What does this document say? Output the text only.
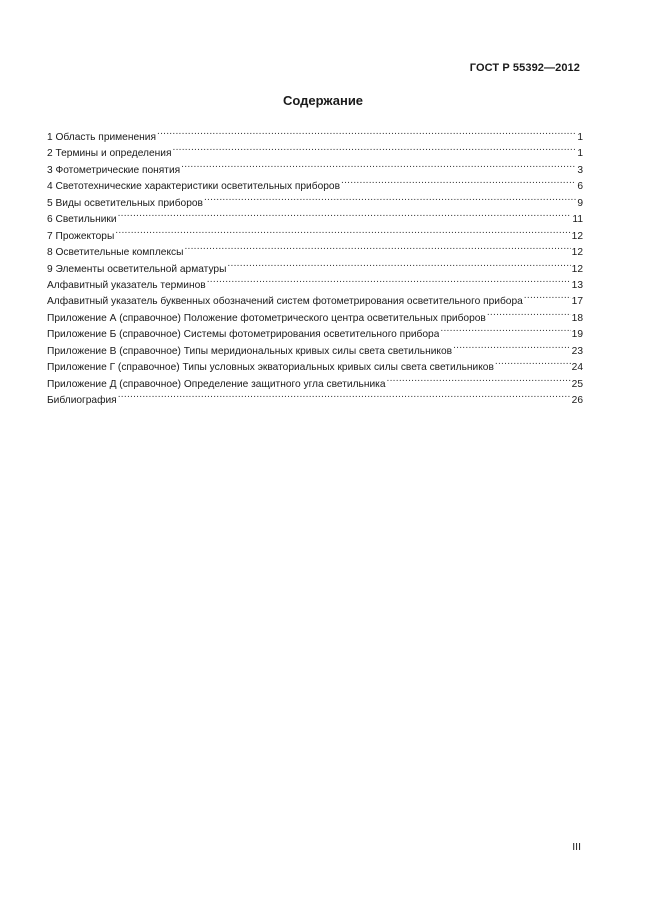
ГОСТ Р 55392—2012
Содержание
1 Область применения .....	1
2 Термины и определения .....	1
3 Фотометрические понятия .....	3
4 Светотехнические характеристики осветительных приборов .....	6
5 Виды осветительных приборов .....	9
6 Светильники .....	11
7 Прожекторы .....	12
8 Осветительные комплексы .....	12
9 Элементы осветительной арматуры .....	12
Алфавитный указатель терминов .....	13
Алфавитный указатель буквенных обозначений систем фотометрирования осветительного прибора .....	17
Приложение А (справочное) Положение фотометрического центра осветительных приборов .....	18
Приложение Б (справочное) Системы фотометрирования осветительного прибора .....	19
Приложение В (справочное) Типы меридиональных кривых силы света светильников .....	23
Приложение Г (справочное) Типы условных экваториальных кривых силы света светильников .....	24
Приложение Д (справочное) Определение защитного угла светильника .....	25
Библиография .....	26
III
